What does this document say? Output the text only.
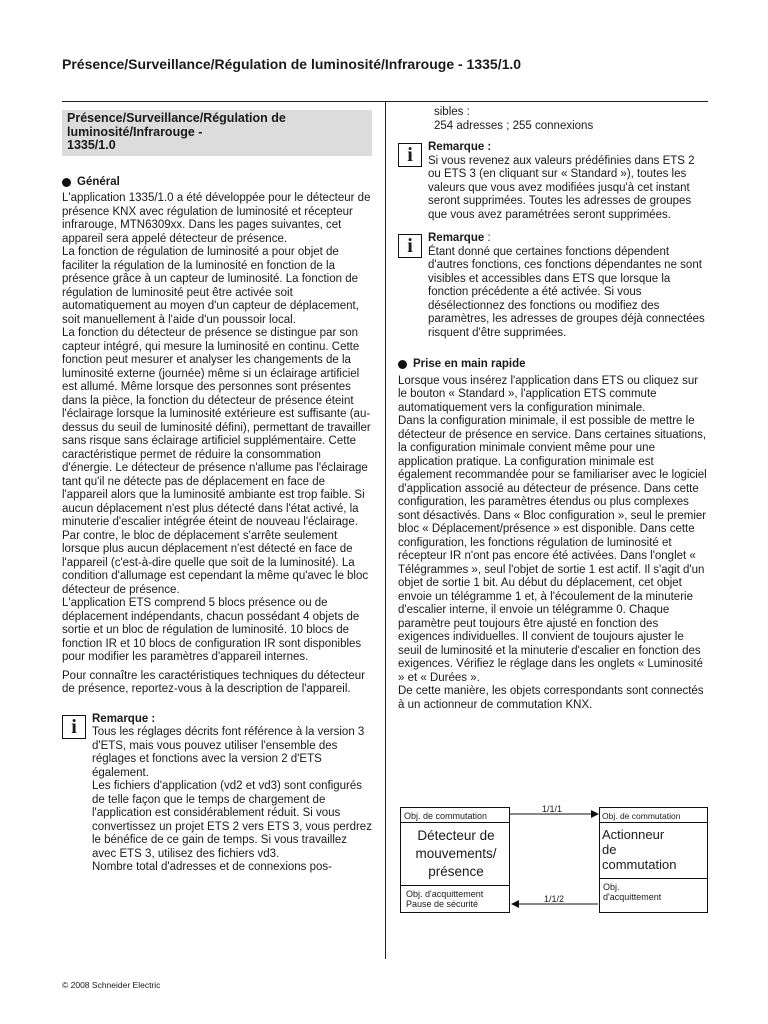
Présence/Surveillance/Régulation de luminosité/Infrarouge - 1335/1.0
Présence/Surveillance/Régulation de
luminosité/Infrarouge -
1335/1.0
Général

L'application 1335/1.0 a été développée pour le détecteur de présence KNX avec régulation de luminosité et récepteur infrarouge, MTN6309xx. Dans les pages suivantes, cet appareil sera appelé détecteur de présence.

La fonction de régulation de luminosité a pour objet de faciliter la régulation de la luminosité en fonction de la présence grâce à un capteur de luminosité. La fonction de régulation de luminosité peut être activée soit automatiquement au moyen d'un capteur de déplacement, soit manuellement à l'aide d'un poussoir local.

La fonction du détecteur de présence se distingue par son capteur intégré, qui mesure la luminosité en continu. Cette fonction peut mesurer et analyser les changements de la luminosité externe (journée) même si un éclairage artificiel est allumé. Même lorsque des personnes sont présentes dans la pièce, la fonction du détecteur de présence éteint l'éclairage lorsque la luminosité extérieure est suffisante (au-dessus du seuil de luminosité défini), permettant de travailler sans risque sans éclairage artificiel supplémentaire. Cette caractéristique permet de réduire la consommation d'énergie. Le détecteur de présence n'allume pas l'éclairage tant qu'il ne détecte pas de déplacement en face de l'appareil alors que la luminosité ambiante est trop faible. Si aucun déplacement n'est plus détecté dans l'état activé, la minuterie d'escalier intégrée éteint de nouveau l'éclairage.

Par contre, le bloc de déplacement s'arrête seulement lorsque plus aucun déplacement n'est détecté en face de l'appareil (c'est-à-dire quelle que soit de la luminosité). La condition d'allumage est cependant la même qu'avec le bloc détecteur de présence.

L'application ETS comprend 5 blocs présence ou de déplacement indépendants, chacun possédant 4 objets de sortie et un bloc de régulation de luminosité. 10 blocs de fonction IR et 10 blocs de configuration IR sont disponibles pour modifier les paramètres d'appareil internes.

Pour connaître les caractéristiques techniques du détecteur de présence, reportez-vous à la description de l'appareil.

i Remarque :

Tous les réglages décrits font référence à la version 3 d'ETS, mais vous pouvez utiliser l'ensemble des réglages et fonctions avec la version 2 d'ETS également.

Les fichiers d'application (vd2 et vd3) sont configurés de telle façon que le temps de chargement de l'application est considérablement réduit. Si vous convertissez un projet ETS 2 vers ETS 3, vous perdrez le bénéfice de ce gain de temps. Si vous travaillez avec ETS 3, utilisez des fichiers vd3.

Nombre total d'adresses et de connexions pos-

sibles :
254 adresses ; 255 connexions
i Remarque :

Si vous revenez aux valeurs prédéfinies dans ETS 2 ou ETS 3 (en cliquant sur « Standard »), toutes les valeurs que vous avez modifiées jusqu'à cet instant seront supprimées. Toutes les adresses de groupes que vous avez paramétrées seront supprimées.

i Remarque :

Étant donné que certaines fonctions dépendent d'autres fonctions, ces fonctions dépendantes ne sont visibles et accessibles dans ETS que lorsque la fonction précédente a été activée. Si vous désélectionnez des fonctions ou modifiez des paramètres, les adresses de groupes déjà connectées risquent d'être supprimées.

Prise en main rapide

Lorsque vous insérez l'application dans ETS ou cliquez sur le bouton « Standard », l'application ETS commute automatiquement vers la configuration minimale.

Dans la configuration minimale, il est possible de mettre le détecteur de présence en service. Dans certaines situations, la configuration minimale convient même pour une application pratique. La configuration minimale est également recommandée pour se familiariser avec le logiciel d'application associé au détecteur de présence. Dans cette configuration, les paramètres étendus ou plus complexes sont désactivés. Dans « Bloc configuration », seul le premier bloc « Déplacement/présence » est disponible. Dans cette configuration, les fonctions régulation de luminosité et récepteur IR n'ont pas encore été activées. Dans l'onglet « Télégrammes », seul l'objet de sortie 1 est actif. Il s'agit d'un objet de sortie 1 bit. Au début du déplacement, cet objet envoie un télégramme 1 et, à l'écoulement de la minuterie d'escalier interne, il envoie un télégramme 0. Chaque paramètre peut toujours être ajusté en fonction des exigences individuelles. Il convient de toujours ajuster le seuil de luminosité et la minuterie d'escalier en fonction des exigences. Vérifiez le réglage dans les onglets « Luminosité » et « Durées ».

De cette manière, les objets correspondants sont connectés à un actionneur de commutation KNX.

Obj. de commutation
Détecteur de
mouvements/
présence
Obj. d'acquittement
Pause de sécurité
1/1/1
1/1/2
Obj. de commutation
Actionneur
de
commutation
Obj.
d'acquittement
© 2008 Schneider Electric
